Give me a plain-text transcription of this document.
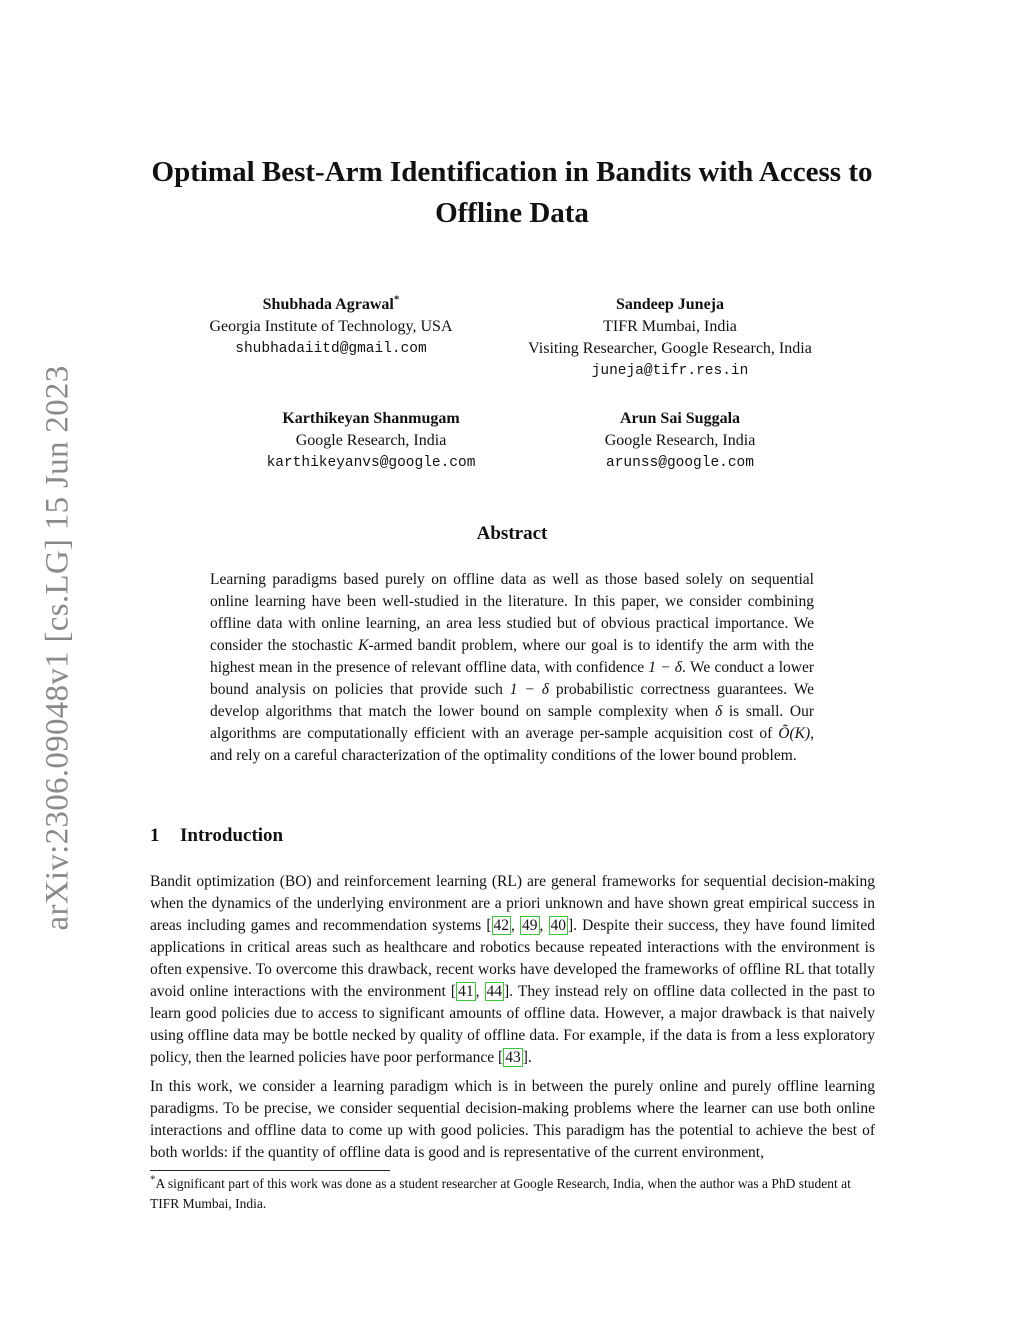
arXiv:2306.09048v1 [cs.LG] 15 Jun 2023
Optimal Best-Arm Identification in Bandits with Access to Offline Data
Shubhada Agrawal*
Georgia Institute of Technology, USA
shubhadaiitd@gmail.com
Sandeep Juneja
TIFR Mumbai, India
Visiting Researcher, Google Research, India
juneja@tifr.res.in
Karthikeyan Shanmugam
Google Research, India
karthikeyanvs@google.com
Arun Sai Suggala
Google Research, India
arunss@google.com
Abstract
Learning paradigms based purely on offline data as well as those based solely on sequential online learning have been well-studied in the literature. In this paper, we consider combining offline data with online learning, an area less studied but of obvious practical importance. We consider the stochastic K-armed bandit problem, where our goal is to identify the arm with the highest mean in the presence of relevant offline data, with confidence 1 − δ. We conduct a lower bound analysis on policies that provide such 1 − δ probabilistic correctness guarantees. We develop algorithms that match the lower bound on sample complexity when δ is small. Our algorithms are computationally efficient with an average per-sample acquisition cost of Õ(K), and rely on a careful characterization of the optimality conditions of the lower bound problem.
1 Introduction
Bandit optimization (BO) and reinforcement learning (RL) are general frameworks for sequential decision-making when the dynamics of the underlying environment are a priori unknown and have shown great empirical success in areas including games and recommendation systems [ 42 , 49 , 40 ]. Despite their success, they have found limited applications in critical areas such as healthcare and robotics because repeated interactions with the environment is often expensive. To overcome this drawback, recent works have developed the frameworks of offline RL that totally avoid online interactions with the environment [ 41 , 44 ]. They instead rely on offline data collected in the past to learn good policies due to access to significant amounts of offline data. However, a major drawback is that naively using offline data may be bottle necked by quality of offline data. For example, if the data is from a less exploratory policy, then the learned policies have poor performance [ 43 ].
In this work, we consider a learning paradigm which is in between the purely online and purely offline learning paradigms. To be precise, we consider sequential decision-making problems where the learner can use both online interactions and offline data to come up with good policies. This paradigm has the potential to achieve the best of both worlds: if the quantity of offline data is good and is representative of the current environment,
*A significant part of this work was done as a student researcher at Google Research, India, when the author was a PhD student at TIFR Mumbai, India.
